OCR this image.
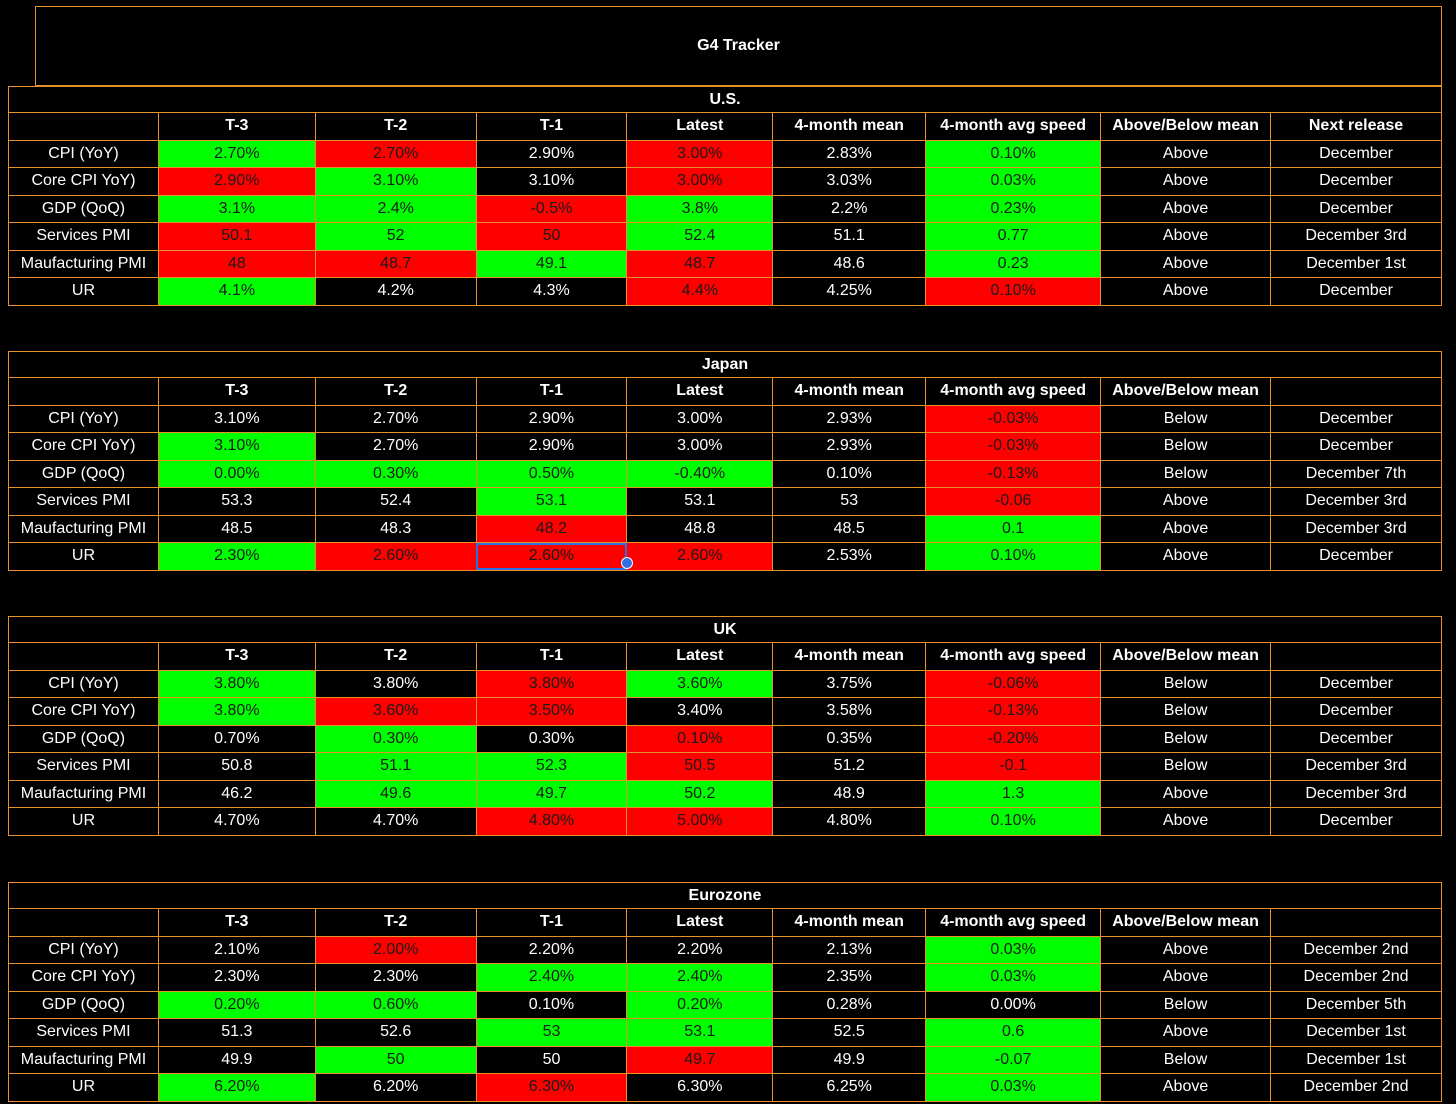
G4 Tracker
U.S.
	T-3	T-2	T-1	Latest	4-month mean	4-month avg speed	Above/Below mean	Next release
CPI (YoY)	2.70%	2.70%	2.90%	3.00%	2.83%	0.10%	Above	December
Core CPI YoY)	2.90%	3.10%	3.10%	3.00%	3.03%	0.03%	Above	December
GDP (QoQ)	3.1%	2.4%	-0.5%	3.8%	2.2%	0.23%	Above	December
Services PMI	50.1	52	50	52.4	51.1	0.77	Above	December 3rd
Maufacturing PMI	48	48.7	49.1	48.7	48.6	0.23	Above	December 1st
UR	4.1%	4.2%	4.3%	4.4%	4.25%	0.10%	Above	December
Japan
	T-3	T-2	T-1	Latest	4-month mean	4-month avg speed	Above/Below mean	
CPI (YoY)	3.10%	2.70%	2.90%	3.00%	2.93%	-0.03%	Below	December
Core CPI YoY)	3.10%	2.70%	2.90%	3.00%	2.93%	-0.03%	Below	December
GDP (QoQ)	0.00%	0.30%	0.50%	-0.40%	0.10%	-0.13%	Below	December 7th
Services PMI	53.3	52.4	53.1	53.1	53	-0.06	Above	December 3rd
Maufacturing PMI	48.5	48.3	48.2	48.8	48.5	0.1	Above	December 3rd
UR	2.30%	2.60%	2.60%	2.60%	2.53%	0.10%	Above	December
UK
	T-3	T-2	T-1	Latest	4-month mean	4-month avg speed	Above/Below mean	
CPI (YoY)	3.80%	3.80%	3.80%	3.60%	3.75%	-0.06%	Below	December
Core CPI YoY)	3.80%	3.60%	3.50%	3.40%	3.58%	-0.13%	Below	December
GDP (QoQ)	0.70%	0.30%	0.30%	0.10%	0.35%	-0.20%	Below	December
Services PMI	50.8	51.1	52.3	50.5	51.2	-0.1	Below	December 3rd
Maufacturing PMI	46.2	49.6	49.7	50.2	48.9	1.3	Above	December 3rd
UR	4.70%	4.70%	4.80%	5.00%	4.80%	0.10%	Above	December
Eurozone
	T-3	T-2	T-1	Latest	4-month mean	4-month avg speed	Above/Below mean	
CPI (YoY)	2.10%	2.00%	2.20%	2.20%	2.13%	0.03%	Above	December 2nd
Core CPI YoY)	2.30%	2.30%	2.40%	2.40%	2.35%	0.03%	Above	December 2nd
GDP (QoQ)	0.20%	0.60%	0.10%	0.20%	0.28%	0.00%	Below	December 5th
Services PMI	51.3	52.6	53	53.1	52.5	0.6	Above	December 1st
Maufacturing PMI	49.9	50	50	49.7	49.9	-0.07	Below	December 1st
UR	6.20%	6.20%	6.30%	6.30%	6.25%	0.03%	Above	December 2nd
